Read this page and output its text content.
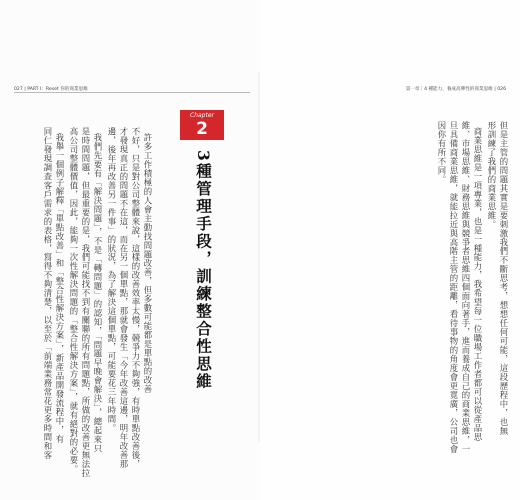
027 | PART I：Reset 你的商業思維
Chapter
2
3種管理手段，訓練整合性思維
許多工作積極的人會主動找問題改善，但多數可能都是單點的改善
不好，只是對公司整體來說，這樣的改善效率太慢，競爭力不夠強，有時單點改善後，
才發現真正的問題不在這，而在另一個單點，那就會發生「今年改善這邊，明年改善那
邊，後年再改善另一件事」的狀況，為了解決這個單點，可能要花三年時間。
我們先要有「解決問題」，不是「轉問題」的認知，「問題早晚會解決」，總起來只
是時間問題，但最重要的是，我們可能找不到有關聯的所有問題點，所做的改善更無法拉
高公司整體價值，因此，能夠一次性解決問題的「整合性解決方案」，就有絕對的必要。
我舉一個例子解釋「單點改善」和「整合性解決方案」，新產品開發流程中，有
同仁發現調查客戶需求的表格，寫得不夠清楚，以至於「前端業務常花更多時間和客
第一章｜4 種能力，養成高彈性的商業思維 | 026
但是主管的問題其實是要刺激我們不斷思考，想想任何可能，這段歷程中，也無
形訓練了我們的商業思維。
商業思維是一項專業，也是一種能力，我希望每一位職場工作者都可以從產品思
維、市場思維、財務思維與競爭者思維四個面向著手，進而養成自己的商業思維，一
旦具備商業思維，就能拉近與高階主管的距離，看待事物的角度會更寬廣，公司也會
因你有所不同。
